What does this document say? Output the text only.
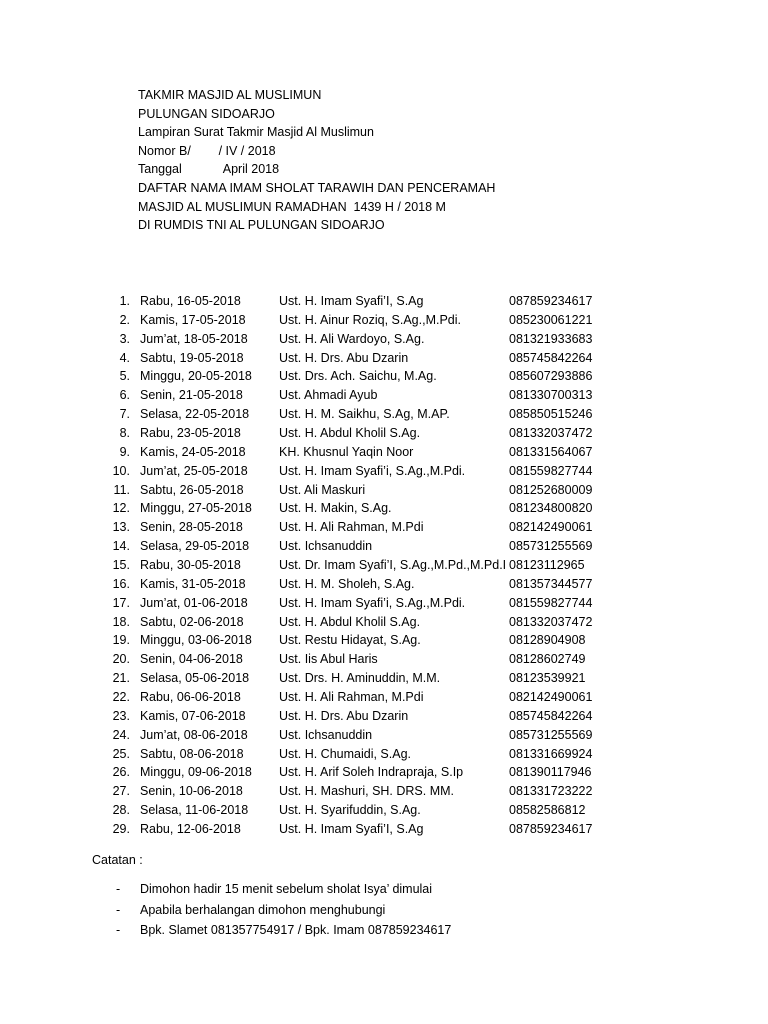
TAKMIR MASJID AL MUSLIMUN
PULUNGAN SIDOARJO
Lampiran Surat Takmir Masjid Al Muslimun
Nomor B/        / IV / 2018
Tanggal            April 2018
DAFTAR NAMA IMAM SHOLAT TARAWIH DAN PENCERAMAH
MASJID AL MUSLIMUN RAMADHAN  1439 H / 2018 M
DI RUMDIS TNI AL PULUNGAN SIDOARJO
1. Rabu, 16-05-2018	Ust. H. Imam Syafi’I, S.Ag	087859234617
2. Kamis, 17-05-2018	Ust. H. Ainur Roziq, S.Ag.,M.Pdi.	085230061221
3. Jum’at, 18-05-2018	Ust. H. Ali Wardoyo, S.Ag.	081321933683
4. Sabtu, 19-05-2018	Ust. H. Drs. Abu Dzarin	085745842264
5. Minggu, 20-05-2018 Ust. Drs. Ach. Saichu, M.Ag.	085607293886
6. Senin, 21-05-2018	Ust. Ahmadi Ayub	081330700313
7. Selasa, 22-05-2018 Ust. H. M. Saikhu, S.Ag, M.AP.	085850515246
8. Rabu, 23-05-2018	Ust. H. Abdul Kholil S.Ag.	081332037472
9. Kamis, 24-05-2018	KH. Khusnul Yaqin Noor	081331564067
10. Jum’at, 25-05-2018	Ust. H. Imam Syafi’i, S.Ag.,M.Pdi.	081559827744
11. Sabtu, 26-05-2018	Ust. Ali Maskuri	081252680009
12. Minggu, 27-05-2018 Ust. H. Makin, S.Ag.	081234800820
13. Senin, 28-05-2018	Ust. H. Ali Rahman, M.Pdi	082142490061
14. Selasa, 29-05-2018 Ust. Ichsanuddin	085731255569
15. Rabu, 30-05-2018	Ust. Dr. Imam Syafi’I, S.Ag.,M.Pd.,M.Pd.I 08123112965
16. Kamis, 31-05-2018	Ust. H. M. Sholeh, S.Ag.	081357344577
17. Jum’at, 01-06-2018	Ust. H. Imam Syafi’i, S.Ag.,M.Pdi.	081559827744
18. Sabtu, 02-06-2018	Ust. H. Abdul Kholil S.Ag.	081332037472
19. Minggu, 03-06-2018 Ust. Restu Hidayat, S.Ag.	08128904908
20. Senin, 04-06-2018	Ust. Iis Abul Haris	08128602749
21. Selasa, 05-06-2018 Ust. Drs. H. Aminuddin, M.M.	08123539921
22. Rabu, 06-06-2018	Ust. H. Ali Rahman, M.Pdi	082142490061
23. Kamis, 07-06-2018	Ust. H. Drs. Abu Dzarin	085745842264
24. Jum’at, 08-06-2018	Ust. Ichsanuddin	085731255569
25. Sabtu, 08-06-2018	Ust. H. Chumaidi, S.Ag.	081331669924
26. Minggu, 09-06-2018 Ust. H. Arif Soleh Indrapraja, S.Ip	081390117946
27. Senin, 10-06-2018	Ust. H. Mashuri, SH. DRS. MM.	081331723222
28. Selasa, 11-06-2018 Ust. H. Syarifuddin, S.Ag.	08582586812
29. Rabu, 12-06-2018	Ust. H. Imam Syafi’I, S.Ag	087859234617
Catatan :
- Dimohon hadir 15 menit sebelum sholat Isya’ dimulai
- Apabila berhalangan dimohon menghubungi
- Bpk. Slamet 081357754917 / Bpk. Imam 087859234617
